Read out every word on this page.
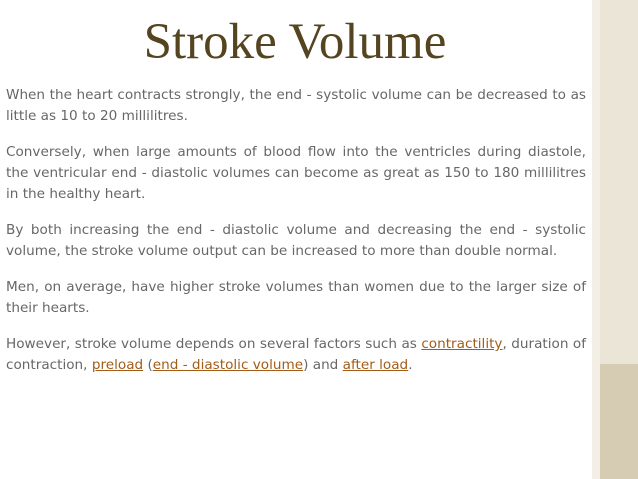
Stroke Volume

When the heart contracts strongly, the end - systolic volume can be decreased to as little as 10 to 20 millilitres.

Conversely, when large amounts of blood flow into the ventricles during diastole, the ventricular end - diastolic volumes can become as great as 150 to 180 millilitres in the healthy heart.

By both increasing the end - diastolic volume and decreasing the end - systolic volume, the stroke volume output can be increased to more than double normal.

Men, on average, have higher stroke volumes than women due to the larger size of their hearts.

However, stroke volume depends on several factors such as contractility, duration of contraction, preload (end - diastolic volume) and after load.
